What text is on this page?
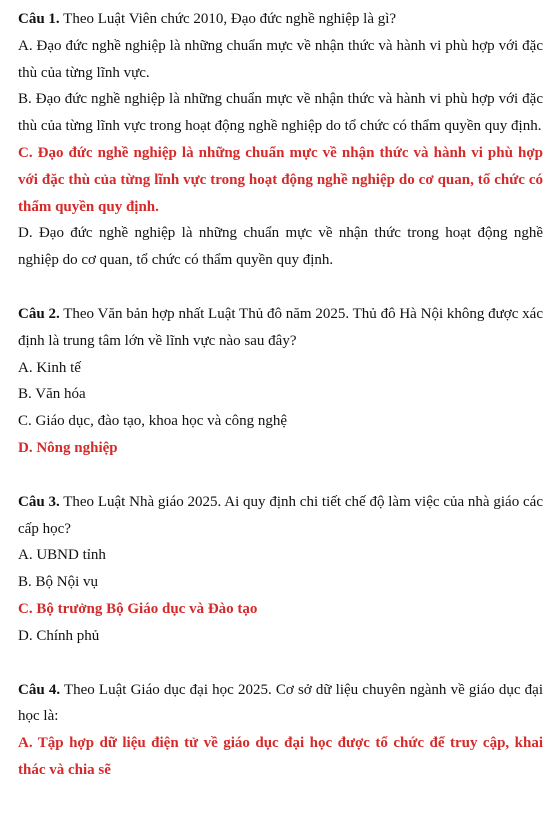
Câu 1. Theo Luật Viên chức 2010, Đạo đức nghề nghiệp là gì?

A. Đạo đức nghề nghiệp là những chuẩn mực về nhận thức và hành vi phù hợp với đặc thù của từng lĩnh vực.

B. Đạo đức nghề nghiệp là những chuẩn mực về nhận thức và hành vi phù hợp với đặc thù của từng lĩnh vực trong hoạt động nghề nghiệp do tổ chức có thẩm quyền quy định.

C. Đạo đức nghề nghiệp là những chuẩn mực về nhận thức và hành vi phù hợp với đặc thù của từng lĩnh vực trong hoạt động nghề nghiệp do cơ quan, tổ chức có thẩm quyền quy định.

D. Đạo đức nghề nghiệp là những chuẩn mực về nhận thức trong hoạt động nghề nghiệp do cơ quan, tổ chức có thẩm quyền quy định.

Câu 2. Theo Văn bản hợp nhất Luật Thủ đô năm 2025. Thủ đô Hà Nội không được xác định là trung tâm lớn về lĩnh vực nào sau đây?

A. Kinh tế

B. Văn hóa

C. Giáo dục, đào tạo, khoa học và công nghệ

D. Nông nghiệp

Câu 3. Theo Luật Nhà giáo 2025. Ai quy định chi tiết chế độ làm việc của nhà giáo các cấp học?

A. UBND tỉnh

B. Bộ Nội vụ

C. Bộ trưởng Bộ Giáo dục và Đào tạo

D. Chính phủ

Câu 4. Theo Luật Giáo dục đại học 2025. Cơ sở dữ liệu chuyên ngành về giáo dục đại học là:

A. Tập hợp dữ liệu điện tử về giáo dục đại học được tổ chức để truy cập, khai thác và chia sẽ
